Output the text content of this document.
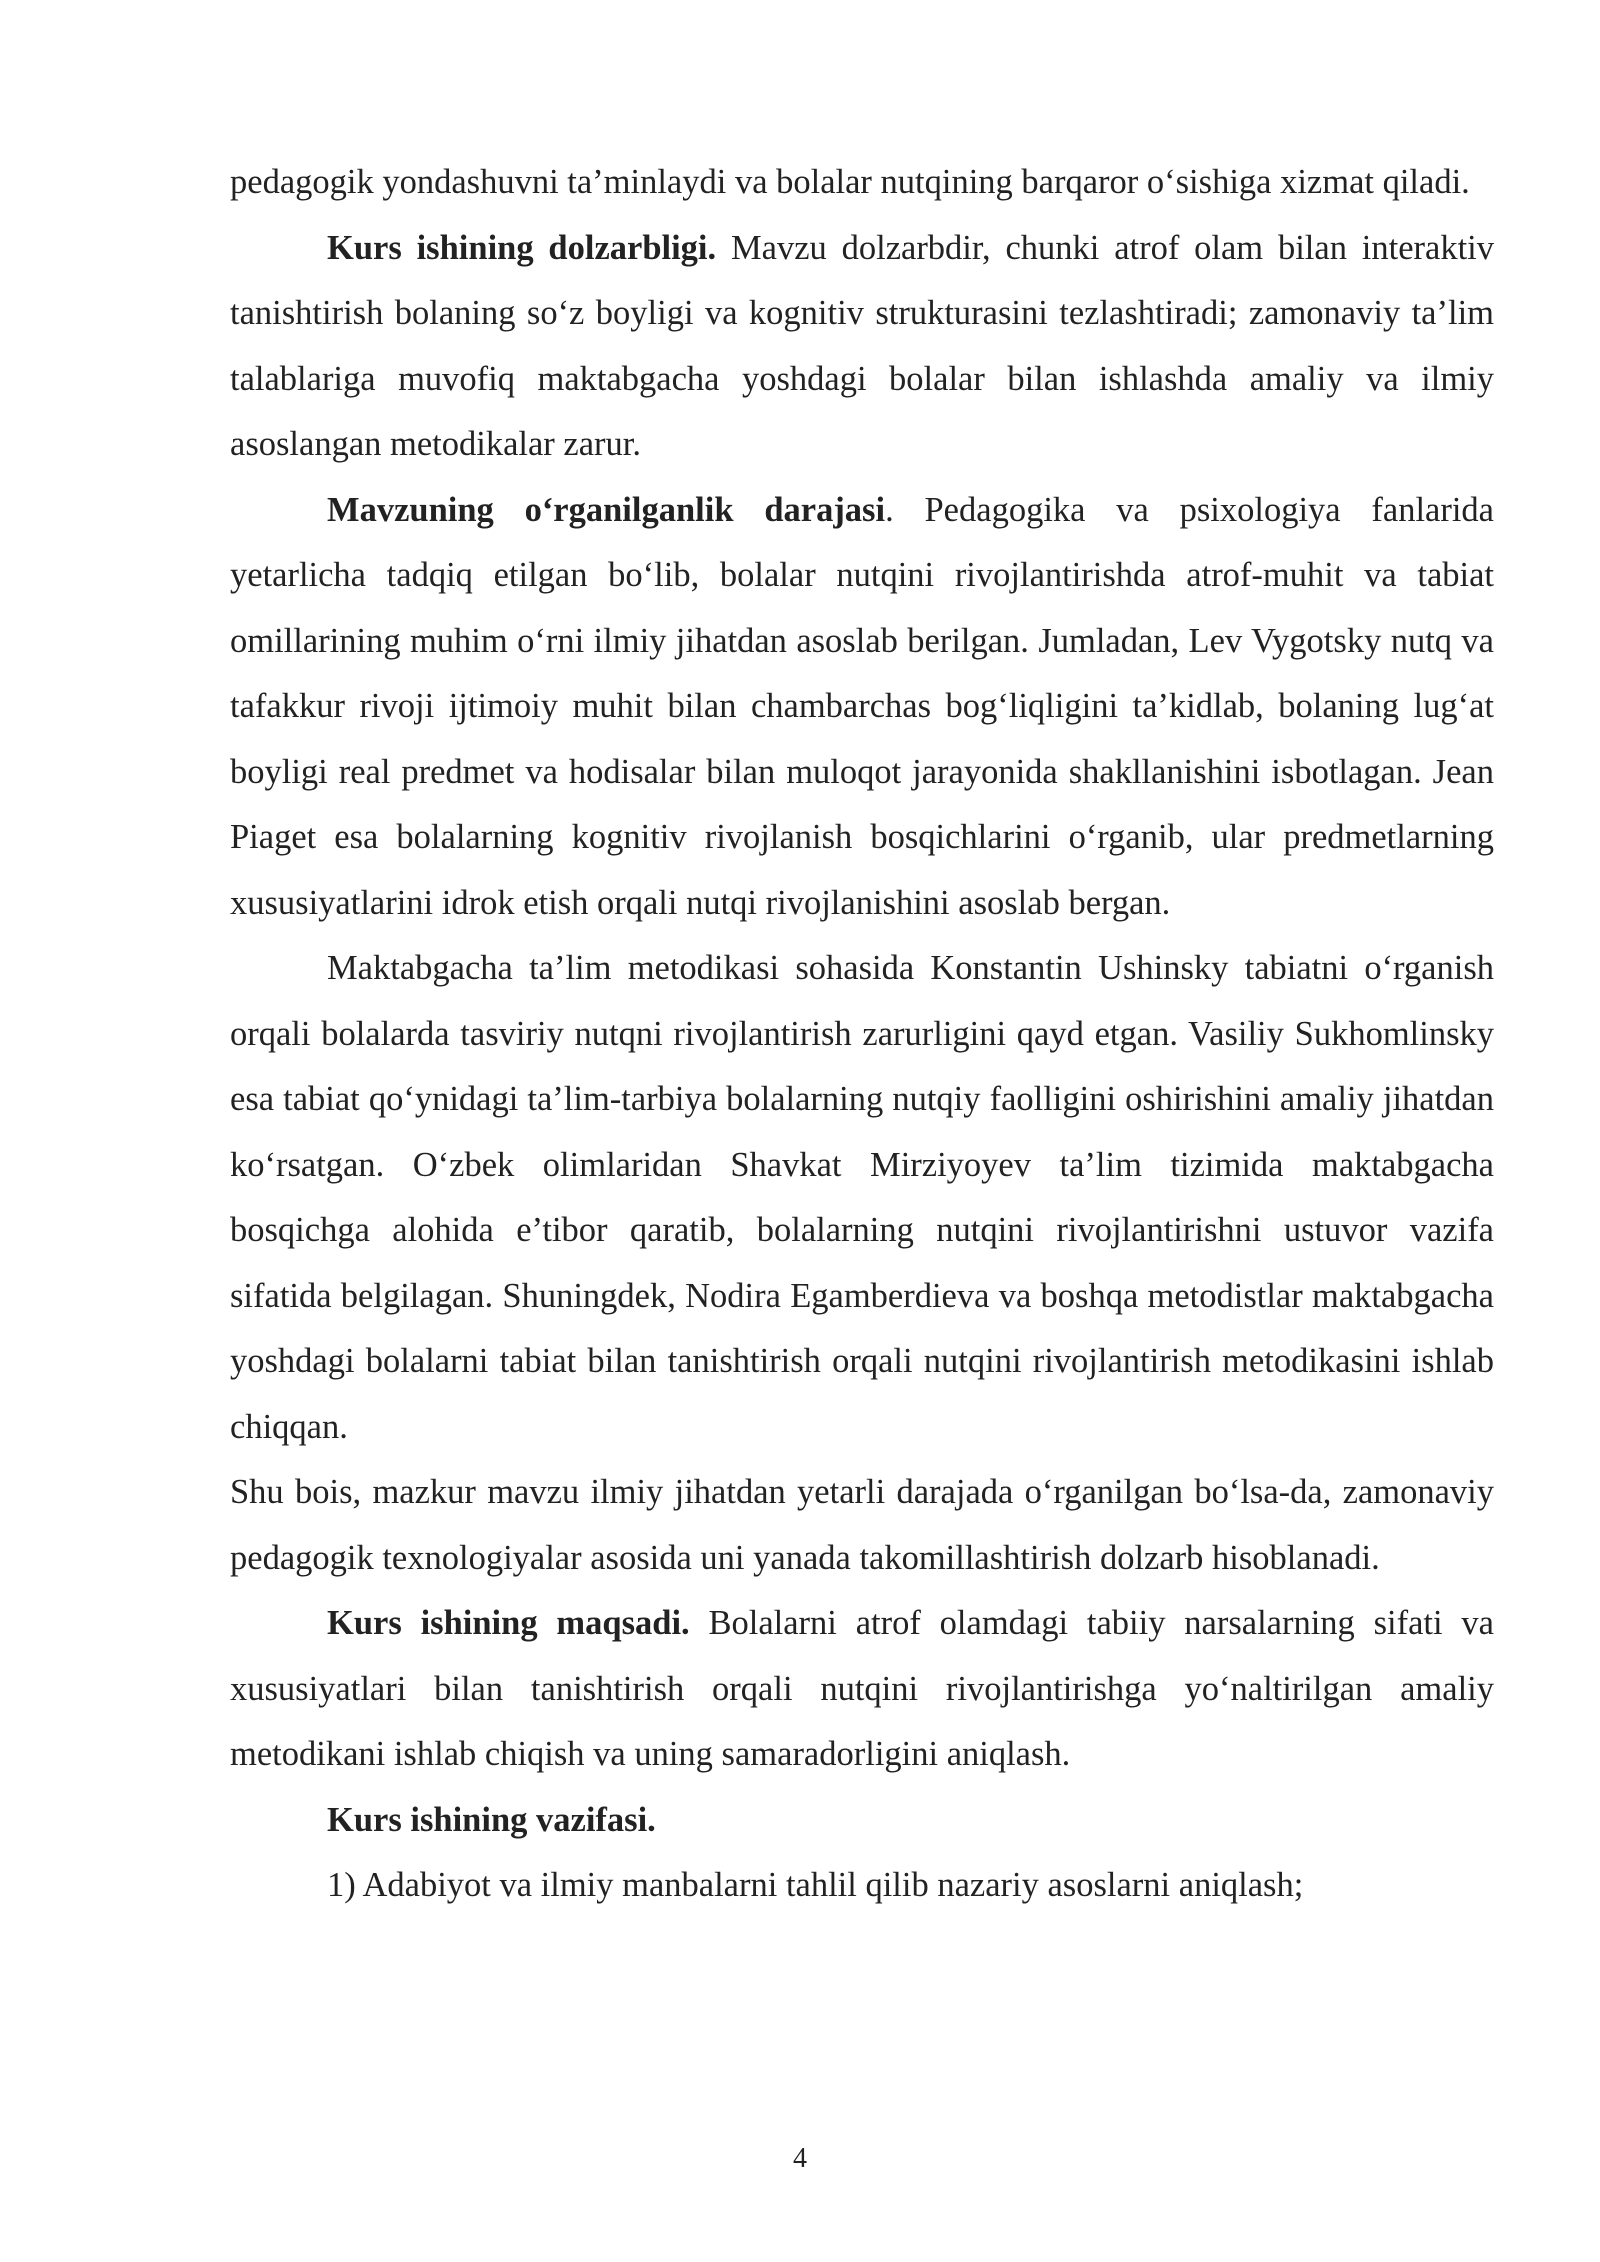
pedagogik yondashuvni ta’minlaydi va bolalar nutqining barqaror o‘sishiga xizmat qiladi.

Kurs ishining dolzarbligi. Mavzu dolzarbdir, chunki atrof olam bilan interaktiv tanishtirish bolaning so‘z boyligi va kognitiv strukturasini tezlashtiradi; zamonaviy ta’lim talablariga muvofiq maktabgacha yoshdagi bolalar bilan ishlashda amaliy va ilmiy asoslangan metodikalar zarur.

Mavzuning o‘rganilganlik darajasi. Pedagogika va psixologiya fanlarida yetarlicha tadqiq etilgan bo‘lib, bolalar nutqini rivojlantirishda atrof-muhit va tabiat omillarining muhim o‘rni ilmiy jihatdan asoslab berilgan. Jumladan, Lev Vygotsky nutq va tafakkur rivoji ijtimoiy muhit bilan chambarchas bog‘liqligini ta’kidlab, bolaning lug‘at boyligi real predmet va hodisalar bilan muloqot jarayonida shakllanishini isbotlagan. Jean Piaget esa bolalarning kognitiv rivojlanish bosqichlarini o‘rganib, ular predmetlarning xususiyatlarini idrok etish orqali nutqi rivojlanishini asoslab bergan.

Maktabgacha ta’lim metodikasi sohasida Konstantin Ushinsky tabiatni o‘rganish orqali bolalarda tasviriy nutqni rivojlantirish zarurligini qayd etgan. Vasiliy Sukhomlinsky esa tabiat qo‘ynidagi ta’lim-tarbiya bolalarning nutqiy faolligini oshirishini amaliy jihatdan ko‘rsatgan. O‘zbek olimlaridan Shavkat Mirziyoyev ta’lim tizimida maktabgacha bosqichga alohida e’tibor qaratib, bolalarning nutqini rivojlantirishni ustuvor vazifa sifatida belgilagan. Shuningdek, Nodira Egamberdieva va boshqa metodistlar maktabgacha yoshdagi bolalarni tabiat bilan tanishtirish orqali nutqini rivojlantirish metodikasini ishlab chiqqan.

Shu bois, mazkur mavzu ilmiy jihatdan yetarli darajada o‘rganilgan bo‘lsa-da, zamonaviy pedagogik texnologiyalar asosida uni yanada takomillashtirish dolzarb hisoblanadi.

Kurs ishining maqsadi. Bolalarni atrof olamdagi tabiiy narsalarning sifati va xususiyatlari bilan tanishtirish orqali nutqini rivojlantirishga yo‘naltirilgan amaliy metodikani ishlab chiqish va uning samaradorligini aniqlash.

Kurs ishining vazifasi.

1) Adabiyot va ilmiy manbalarni tahlil qilib nazariy asoslarni aniqlash;

4
